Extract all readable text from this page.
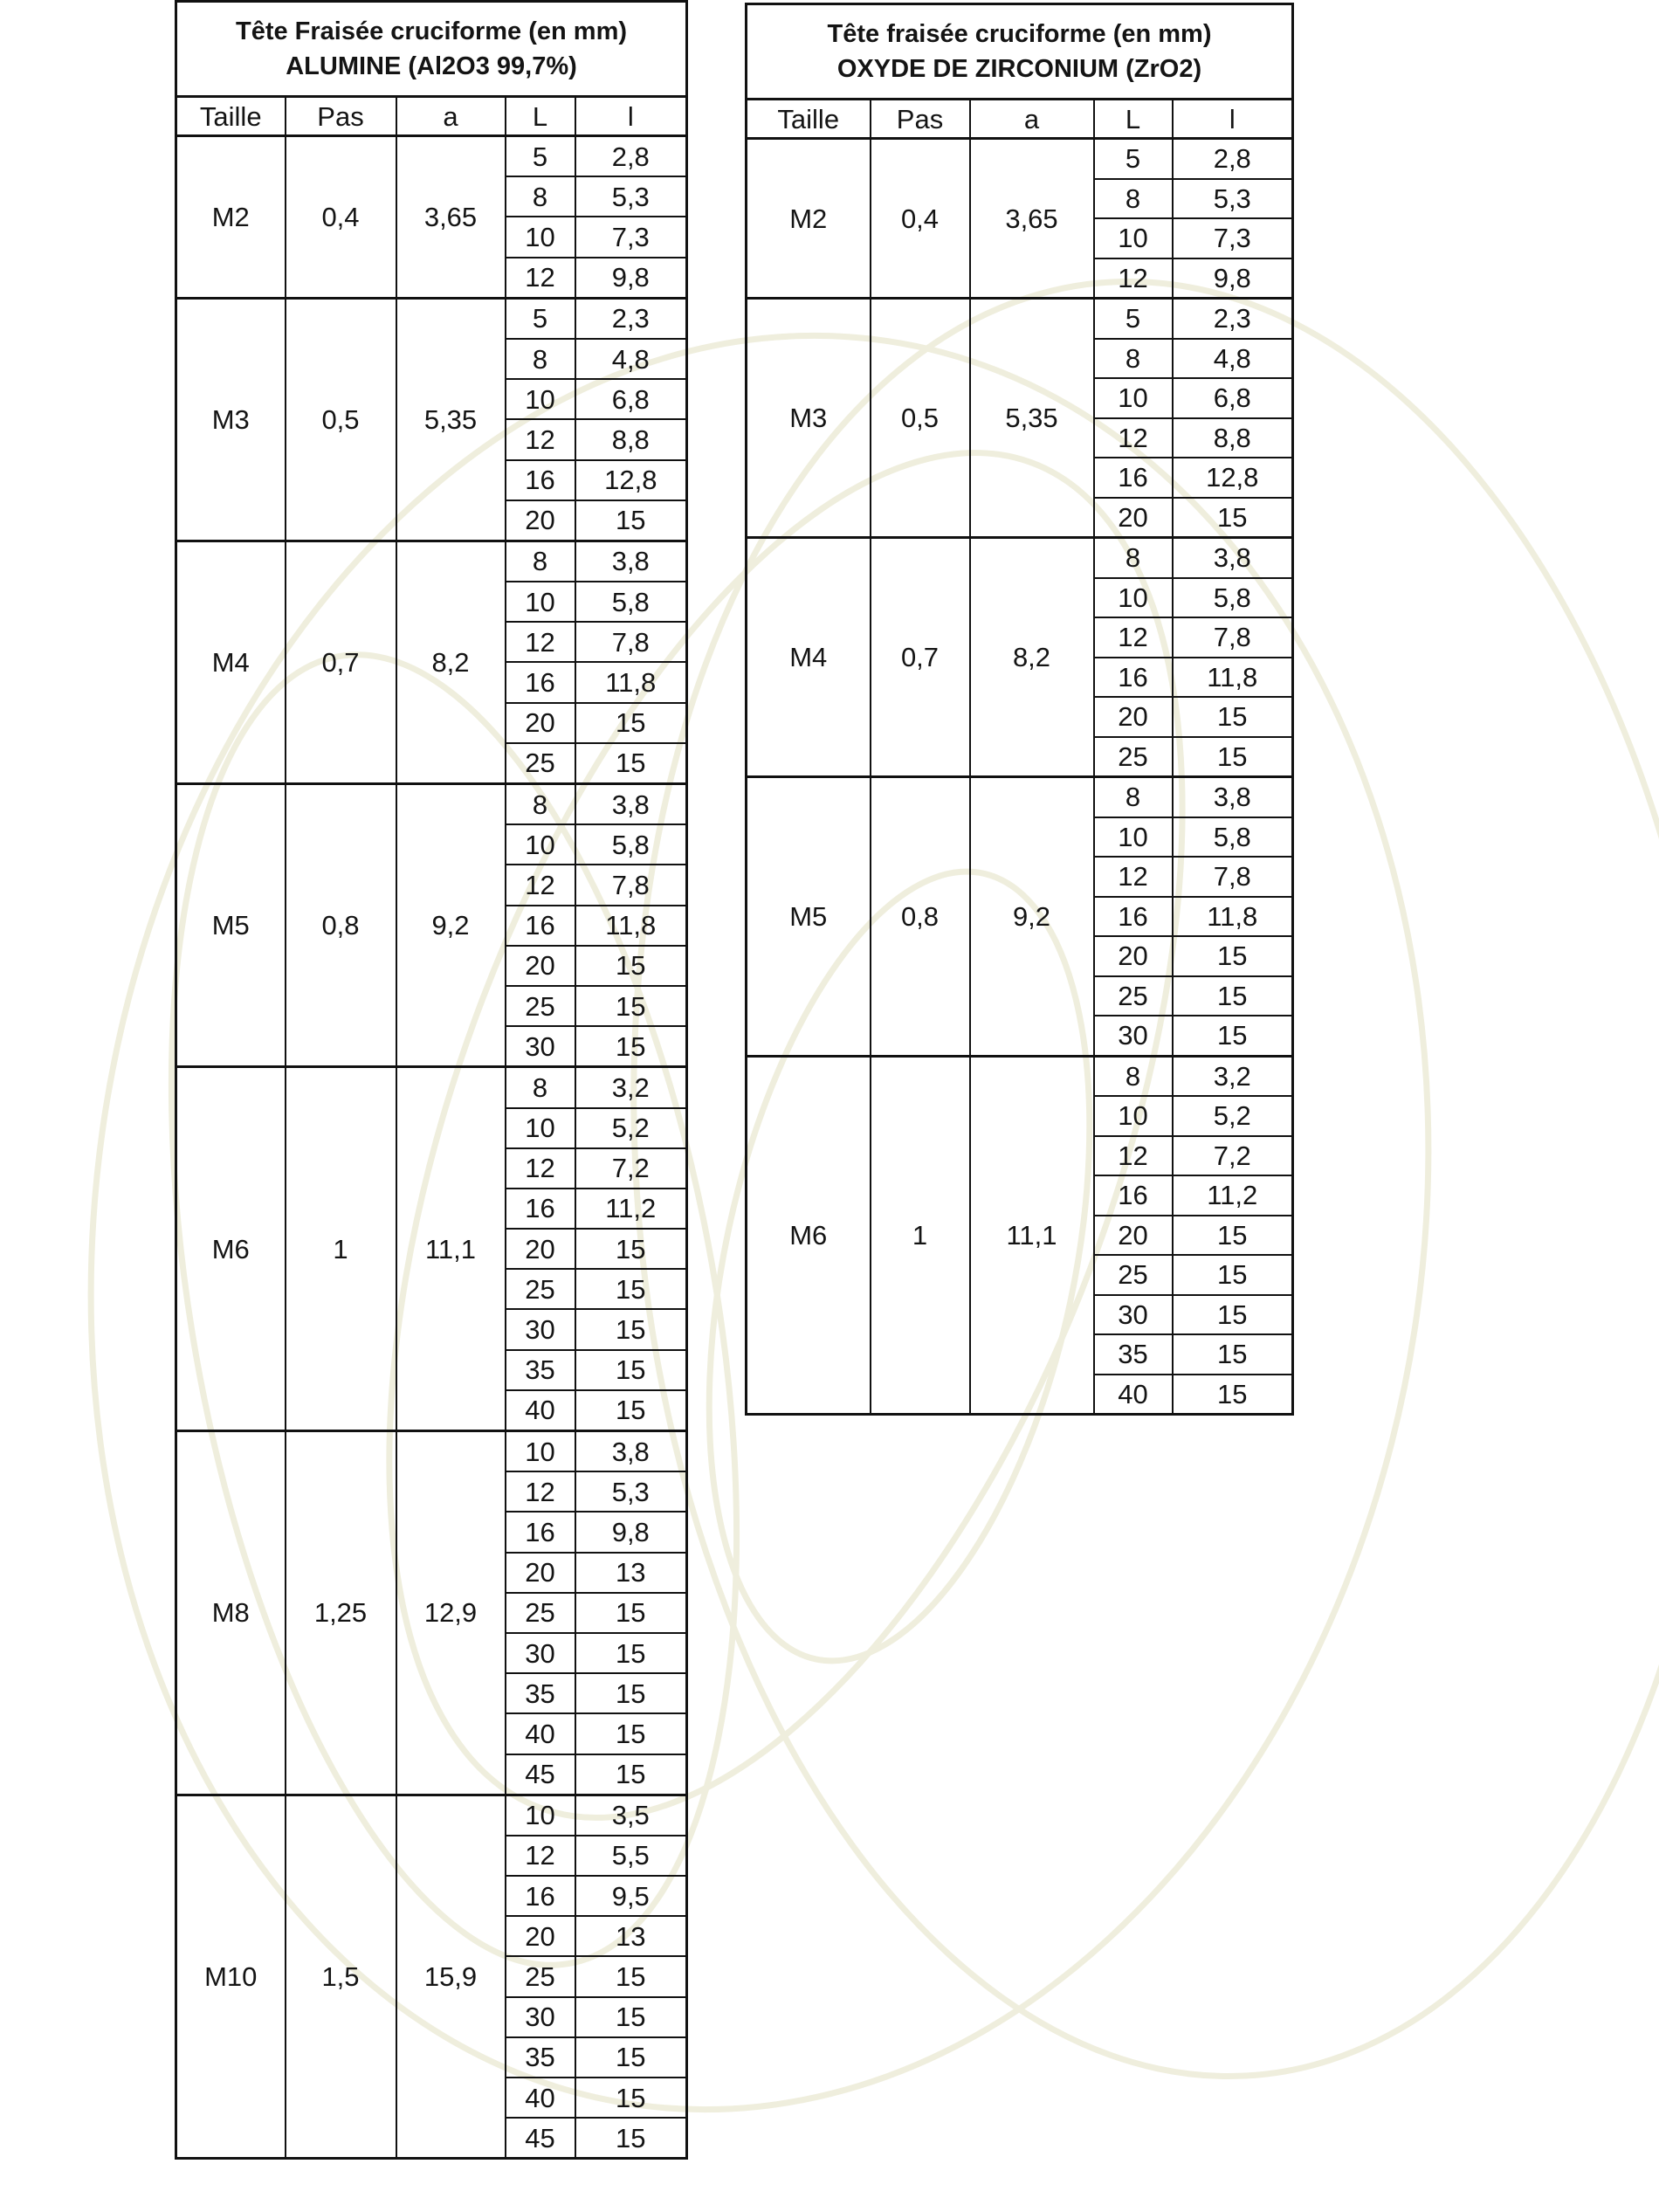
Tête Fraisée cruciforme (en mm)
ALUMINE (Al2O3 99,7%)				

Taille	Pas	a	L	l
M2	0,4	3,65	5	2,8
			8	5,3
			10	7,3
			12	9,8
M3	0,5	5,35	5	2,3
			8	4,8
			10	6,8
			12	8,8
			16	12,8
			20	15
M4	0,7	8,2	8	3,8
			10	5,8
			12	7,8
			16	11,8
			20	15
			25	15
M5	0,8	9,2	8	3,8
			10	5,8
			12	7,8
			16	11,8
			20	15
			25	15
			30	15
M6	1	11,1	8	3,2
			10	5,2
			12	7,2
			16	11,2
			20	15
			25	15
			30	15
			35	15
			40	15
M8	1,25	12,9	10	3,8
			12	5,3
			16	9,8
			20	13
			25	15
			30	15
			35	15
			40	15
			45	15
M10	1,5	15,9	10	3,5
			12	5,5
			16	9,5
			20	13
			25	15
			30	15
			35	15
			40	15
			45	15
Tête fraisée cruciforme (en mm)
OXYDE DE ZIRCONIUM (ZrO2)				

Taille	Pas	a	L	l
M2	0,4	3,65	5	2,8
			8	5,3
			10	7,3
			12	9,8
M3	0,5	5,35	5	2,3
			8	4,8
			10	6,8
			12	8,8
			16	12,8
			20	15
M4	0,7	8,2	8	3,8
			10	5,8
			12	7,8
			16	11,8
			20	15
			25	15
M5	0,8	9,2	8	3,8
			10	5,8
			12	7,8
			16	11,8
			20	15
			25	15
			30	15
M6	1	11,1	8	3,2
			10	5,2
			12	7,2
			16	11,2
			20	15
			25	15
			30	15
			35	15
			40	15
